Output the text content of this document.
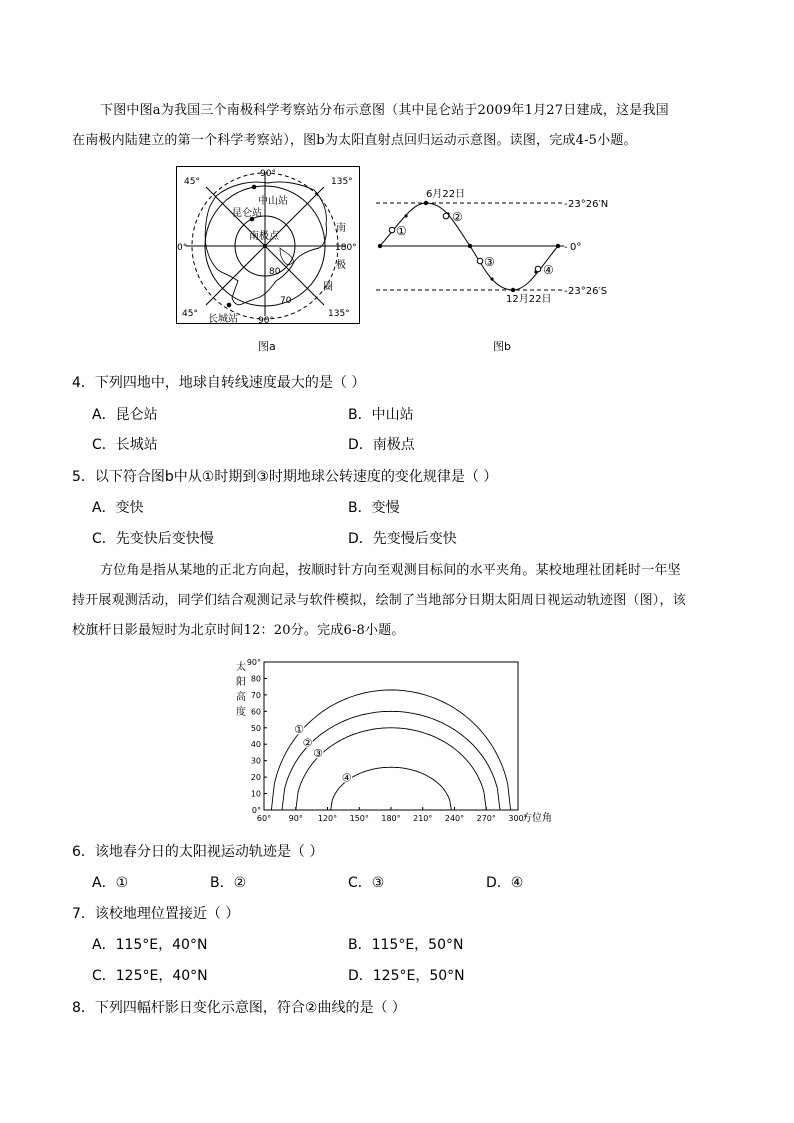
下图中图a为我国三个南极科学考察站分布示意图（其中昆仑站于2009年1月27日建成，这是我国
在南极内陆建立的第一个科学考察站），图b为太阳直射点回归运动示意图。读图，完成4-5小题。
90°
90°
45°
45°
135°
135°
0°	180°
中山站
昆仑站
南极点
长城站
80
70
南
极
圈
图a
①
②
③
④
6月22日
12月22日
23°26′N
0°
23°26′S
-
-
-
图b
4．下列四地中，地球自转线速度最大的是（ ）
A．昆仑站	B．中山站
C．长城站	D．南极点
5．以下符合图b中从①时期到③时期地球公转速度的变化规律是（ ）
A．变快	B．变慢
C．先变快后变快慢	D．先变慢后变快
方位角是指从某地的正北方向起，按顺时针方向至观测目标间的水平夹角。某校地理社团耗时一年坚
持开展观测活动，同学们结合观测记录与软件模拟，绘制了当地部分日期太阳周日视运动轨迹图（图），该
校旗杆日影最短时为北京时间12：20分。完成6-8小题。
0°
10
20
30
40
50
60
70
80
90°
60° 90° 120° 150° 180° 210° 240° 270° 300°
①
②
③
④
太 阳 高 度
方位角
6．该地春分日的太阳视运动轨迹是（ ）
A．①	B．②	C．③	D．④
7．该校地理位置接近（ ）
A．115°E，40°N	B．115°E，50°N
C．125°E，40°N	D．125°E，50°N
8．下列四幅杆影日变化示意图，符合②曲线的是（ ）
